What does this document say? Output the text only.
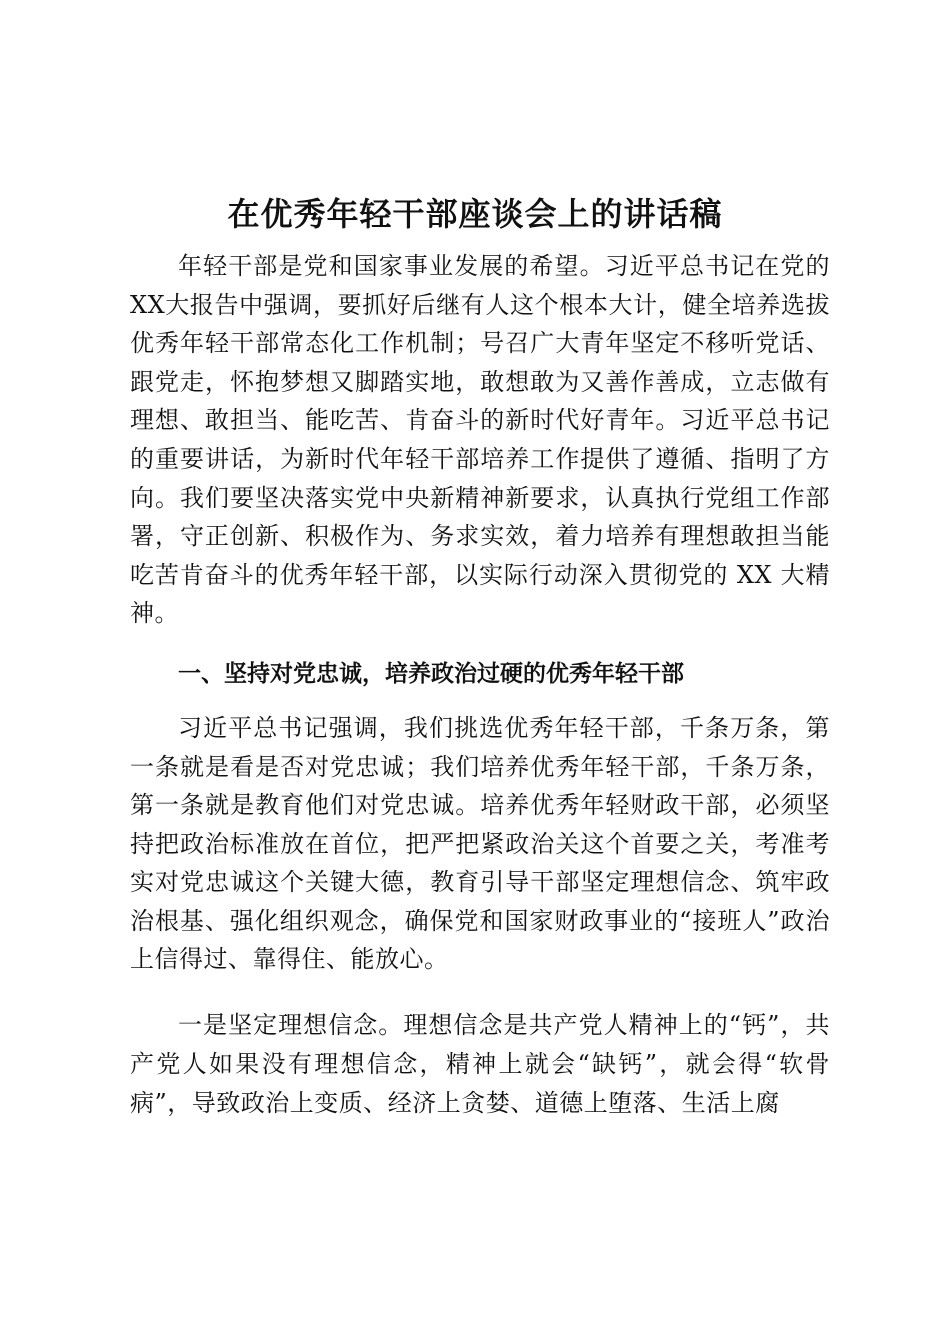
在优秀年轻干部座谈会上的讲话稿

年轻干部是党和国家事业发展的希望。习近平总书记在党的XX大报告中强调，要抓好后继有人这个根本大计，健全培养选拔优秀年轻干部常态化工作机制；号召广大青年坚定不移听党话、跟党走，怀抱梦想又脚踏实地，敢想敢为又善作善成，立志做有理想、敢担当、能吃苦、肯奋斗的新时代好青年。习近平总书记的重要讲话，为新时代年轻干部培养工作提供了遵循、指明了方向。我们要坚决落实党中央新精神新要求，认真执行党组工作部署，守正创新、积极作为、务求实效，着力培养有理想敢担当能吃苦肯奋斗的优秀年轻干部，以实际行动深入贯彻党的 XX 大精神。

一、坚持对党忠诚，培养政治过硬的优秀年轻干部

习近平总书记强调，我们挑选优秀年轻干部，千条万条，第一条就是看是否对党忠诚；我们培养优秀年轻干部，千条万条，第一条就是教育他们对党忠诚。培养优秀年轻财政干部，必须坚持把政治标准放在首位，把严把紧政治关这个首要之关，考准考实对党忠诚这个关键大德，教育引导干部坚定理想信念、筑牢政治根基、强化组织观念，确保党和国家财政事业的“接班人”政治上信得过、靠得住、能放心。

一是坚定理想信念。理想信念是共产党人精神上的“钙”，共产党人如果没有理想信念，精神上就会“缺钙”，就会得“软骨病”，导致政治上变质、经济上贪婪、道德上堕落、生活上腐
